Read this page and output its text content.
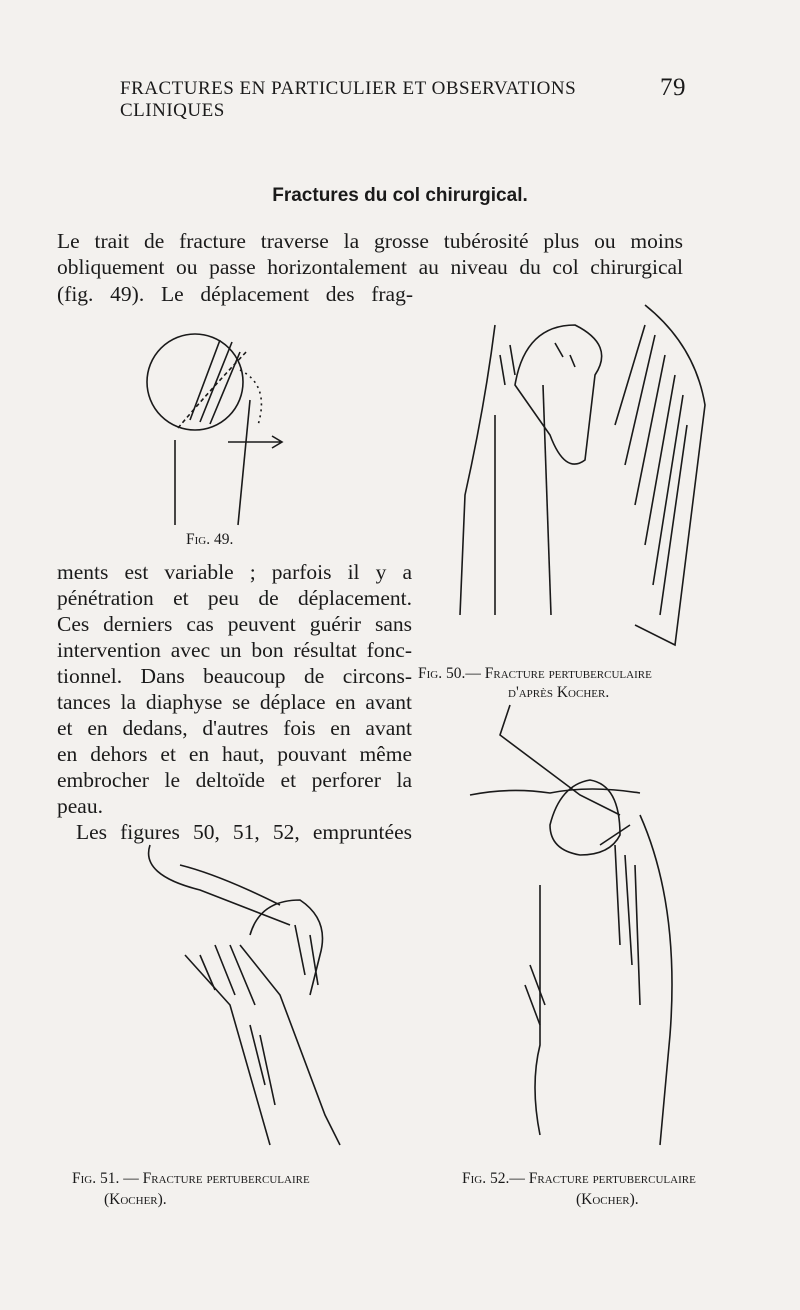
FRACTURES EN PARTICULIER ET OBSERVATIONS CLINIQUES
79
Fractures du col chirurgical.
Le trait de fracture traverse la grosse tubérosité plus ou moins
obliquement ou passe horizontalement au niveau du col chirurgical
(fig. 49). Le déplacement des frag-
ments est variable ; parfois il y a
pénétration et peu de déplacement.
Ces derniers cas peuvent guérir sans
intervention avec un bon résultat fonc-
tionnel. Dans beaucoup de circons-
tances la diaphyse se déplace en avant
et en dedans, d'autres fois en avant
en dehors et en haut, pouvant même
embrocher le deltoïde et perforer la
peau.
Les figures 50, 51, 52, empruntées
Fig. 49.
Fig. 50.— Fracture pertuberculaire
d'après Kocher.
Fig. 51. — Fracture pertuberculaire
(Kocher).
Fig. 52.— Fracture pertuberculaire
(Kocher).
